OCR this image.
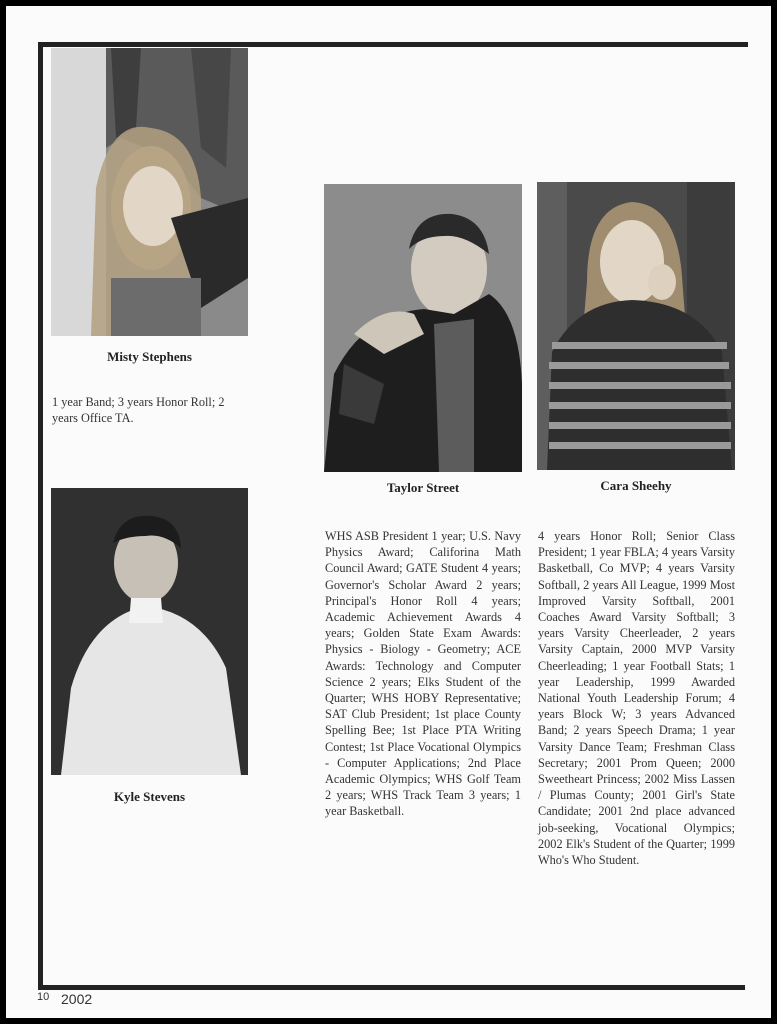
Misty Stephens
1 year Band; 3 years Honor Roll; 2 years Office TA.
Kyle Stevens
Taylor Street
WHS ASB President 1 year; U.S. Navy Physics Award; Califorina Math Council Award; GATE Student 4 years; Governor's Scholar Award 2 years; Principal's Honor Roll 4 years; Academic Achievement Awards 4 years; Golden State Exam Awards: Physics - Biology - Geometry; ACE Awards: Technology and Computer Science 2 years; Elks Student of the Quarter; WHS HOBY Representative; SAT Club President; 1st place County Spelling Bee; 1st Place PTA Writing Contest; 1st Place Vocational Olympics - Computer Applications; 2nd Place Academic Olympics; WHS Golf Team 2 years; WHS Track Team 3 years; 1 year Basketball.
Cara Sheehy
4 years Honor Roll; Senior Class President; 1 year FBLA; 4 years Varsity Basketball, Co MVP; 4 years Varsity Softball, 2 years All League, 1999 Most Improved Varsity Softball, 2001 Coaches Award Varsity Softball; 3 years Varsity Cheerleader, 2 years Varsity Captain, 2000 MVP Varsity Cheerleading; 1 year Football Stats; 1 year Leadership, 1999 Awarded National Youth Leadership Forum; 4 years Block W; 3 years Advanced Band; 2 years Speech Drama; 1 year Varsity Dance Team; Freshman Class Secretary; 2001 Prom Queen; 2000 Sweetheart Princess; 2002 Miss Lassen / Plumas County; 2001 Girl's State Candidate; 2001 2nd place advanced job-seeking, Vocational Olympics; 2002 Elk's Student of the Quarter; 1999 Who's Who Student.
10 2002
